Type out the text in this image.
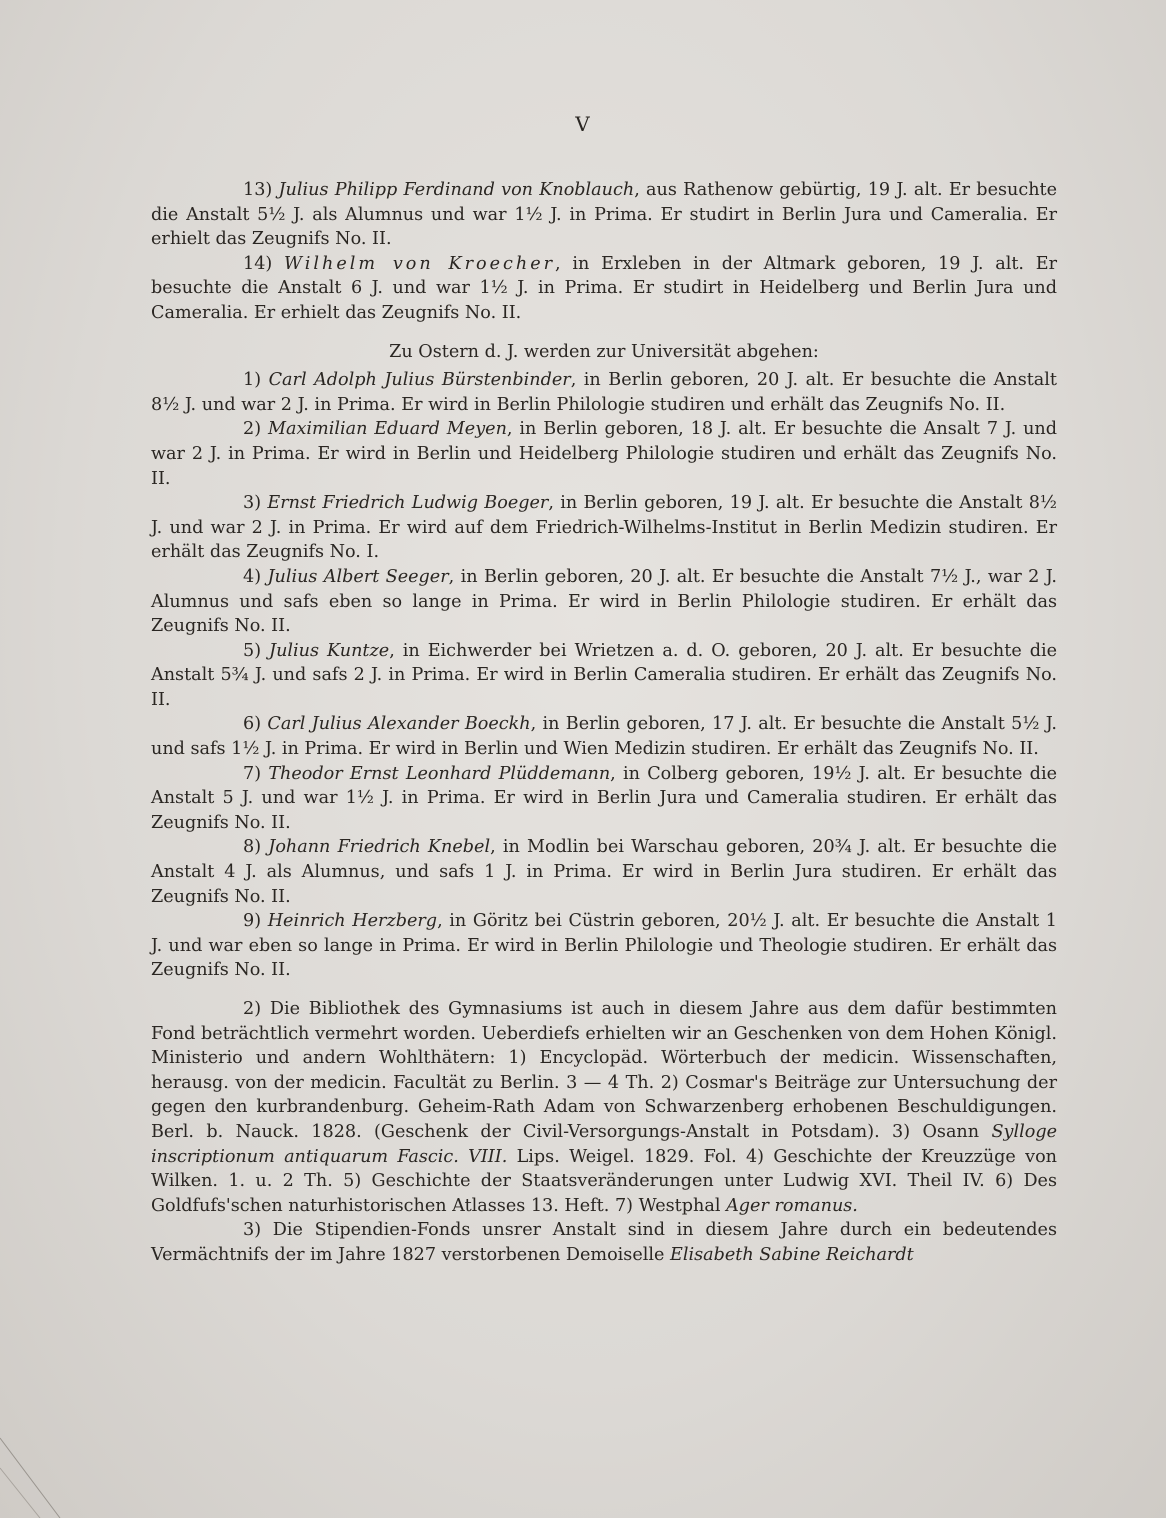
V

13) Julius Philipp Ferdinand von Knoblauch, aus Rathenow gebürtig, 19 J. alt. Er besuchte die Anstalt 5½ J. als Alumnus und war 1½ J. in Prima. Er studirt in Berlin Jura und Cameralia. Er erhielt das Zeugnifs No. II.

14) Wilhelm von Kroecher, in Erxleben in der Altmark geboren, 19 J. alt. Er besuchte die Anstalt 6 J. und war 1½ J. in Prima. Er studirt in Heidelberg und Berlin Jura und Cameralia. Er erhielt das Zeugnifs No. II.

Zu Ostern d. J. werden zur Universität abgehen:

1) Carl Adolph Julius Bürstenbinder, in Berlin geboren, 20 J. alt. Er besuchte die Anstalt 8½ J. und war 2 J. in Prima. Er wird in Berlin Philologie studiren und erhält das Zeugnifs No. II.

2) Maximilian Eduard Meyen, in Berlin geboren, 18 J. alt. Er besuchte die Ansalt 7 J. und war 2 J. in Prima. Er wird in Berlin und Heidelberg Philologie studiren und erhält das Zeugnifs No. II.

3) Ernst Friedrich Ludwig Boeger, in Berlin geboren, 19 J. alt. Er besuchte die Anstalt 8½ J. und war 2 J. in Prima. Er wird auf dem Friedrich-Wilhelms-Institut in Berlin Medizin studiren. Er erhält das Zeugnifs No. I.

4) Julius Albert Seeger, in Berlin geboren, 20 J. alt. Er besuchte die Anstalt 7½ J., war 2 J. Alumnus und safs eben so lange in Prima. Er wird in Berlin Philologie studiren. Er erhält das Zeugnifs No. II.

5) Julius Kuntze, in Eichwerder bei Wrietzen a. d. O. geboren, 20 J. alt. Er besuchte die Anstalt 5¾ J. und safs 2 J. in Prima. Er wird in Berlin Cameralia studiren. Er erhält das Zeugnifs No. II.

6) Carl Julius Alexander Boeckh, in Berlin geboren, 17 J. alt. Er besuchte die Anstalt 5½ J. und safs 1½ J. in Prima. Er wird in Berlin und Wien Medizin studiren. Er erhält das Zeugnifs No. II.

7) Theodor Ernst Leonhard Plüddemann, in Colberg geboren, 19½ J. alt. Er besuchte die Anstalt 5 J. und war 1½ J. in Prima. Er wird in Berlin Jura und Cameralia studiren. Er erhält das Zeugnifs No. II.

8) Johann Friedrich Knebel, in Modlin bei Warschau geboren, 20¾ J. alt. Er besuchte die Anstalt 4 J. als Alumnus, und safs 1 J. in Prima. Er wird in Berlin Jura studiren. Er erhält das Zeugnifs No. II.

9) Heinrich Herzberg, in Göritz bei Cüstrin geboren, 20½ J. alt. Er besuchte die Anstalt 1 J. und war eben so lange in Prima. Er wird in Berlin Philologie und Theologie studiren. Er erhält das Zeugnifs No. II.

2) Die Bibliothek des Gymnasiums ist auch in diesem Jahre aus dem dafür bestimmten Fond beträchtlich vermehrt worden. Ueberdiefs erhielten wir an Geschenken von dem Hohen Königl. Ministerio und andern Wohlthätern: 1) Encyclopäd. Wörterbuch der medicin. Wissenschaften, herausg. von der medicin. Facultät zu Berlin. 3 — 4 Th. 2) Cosmar's Beiträge zur Untersuchung der gegen den kurbrandenburg. Geheim-Rath Adam von Schwarzenberg erhobenen Beschuldigungen. Berl. b. Nauck. 1828. (Geschenk der Civil-Versorgungs-Anstalt in Potsdam). 3) Osann Sylloge inscriptionum antiquarum Fascic. VIII. Lips. Weigel. 1829. Fol. 4) Geschichte der Kreuzzüge von Wilken. 1. u. 2 Th. 5) Geschichte der Staatsveränderungen unter Ludwig XVI. Theil IV. 6) Des Goldfufs'schen naturhistorischen Atlasses 13. Heft. 7) Westphal Ager romanus.

3) Die Stipendien-Fonds unsrer Anstalt sind in diesem Jahre durch ein bedeutendes Vermächtnifs der im Jahre 1827 verstorbenen Demoiselle Elisabeth Sabine Reichardt
